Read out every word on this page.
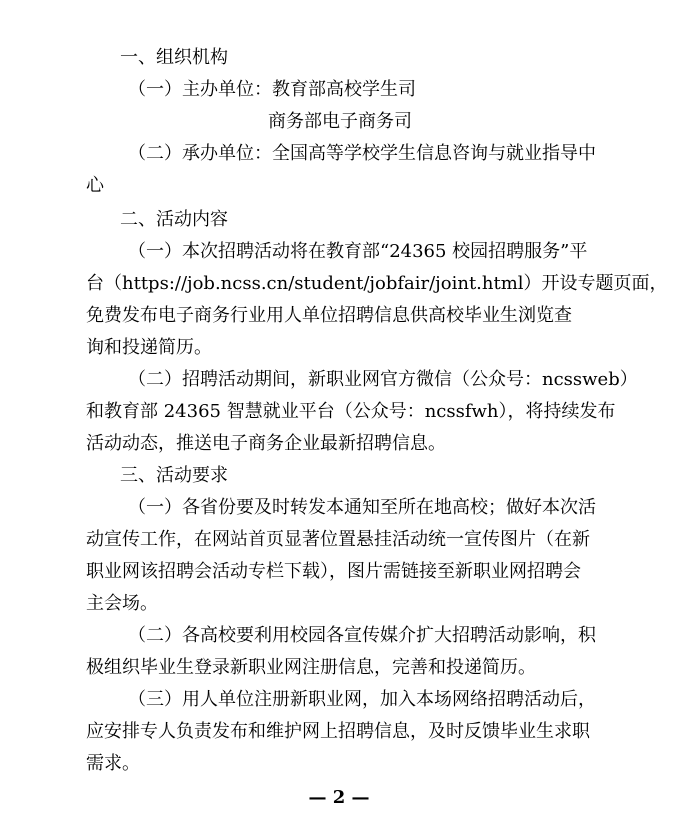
一、组织机构
（一）主办单位：教育部高校学生司
商务部电子商务司
（二）承办单位：全国高等学校学生信息咨询与就业指导中
心
二、活动内容
（一）本次招聘活动将在教育部“24365 校园招聘服务”平
台（https://job.ncss.cn/student/jobfair/joint.html）开设专题页面，
免费发布电子商务行业用人单位招聘信息供高校毕业生浏览查
询和投递简历。
（二）招聘活动期间，新职业网官方微信（公众号：ncssweb）
和教育部 24365 智慧就业平台（公众号：ncssfwh），将持续发布
活动动态，推送电子商务企业最新招聘信息。
三、活动要求
（一）各省份要及时转发本通知至所在地高校；做好本次活
动宣传工作，在网站首页显著位置悬挂活动统一宣传图片（在新
职业网该招聘会活动专栏下载），图片需链接至新职业网招聘会
主会场。
（二）各高校要利用校园各宣传媒介扩大招聘活动影响，积
极组织毕业生登录新职业网注册信息，完善和投递简历。
（三）用人单位注册新职业网，加入本场网络招聘活动后，
应安排专人负责发布和维护网上招聘信息，及时反馈毕业生求职
需求。
— 2 —
